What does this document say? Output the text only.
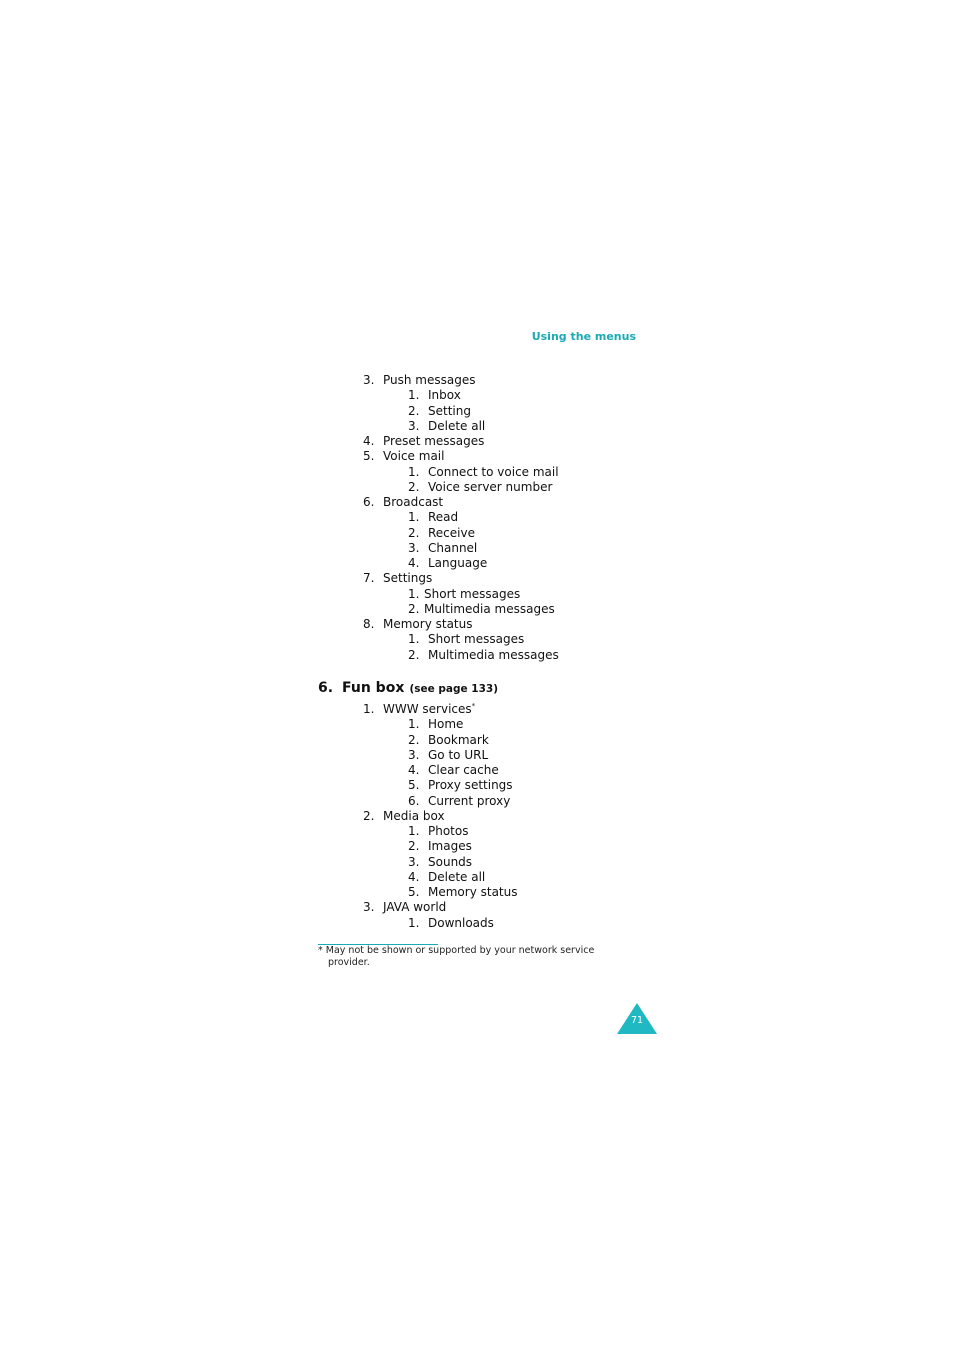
Using the menus
3. Push messages
1. Inbox
2. Setting
3. Delete all
4. Preset messages
5. Voice mail
1. Connect to voice mail
2. Voice server number
6. Broadcast
1. Read
2. Receive
3. Channel
4. Language
7. Settings
1. Short messages
2. Multimedia messages
8. Memory status
1. Short messages
2. Multimedia messages
6. Fun box (see page 133)
1. WWW services*
1. Home
2. Bookmark
3. Go to URL
4. Clear cache
5. Proxy settings
6. Current proxy
2. Media box
1. Photos
2. Images
3. Sounds
4. Delete all
5. Memory status
3. JAVA world
1. Downloads
* May not be shown or supported by your network service
provider.
71
